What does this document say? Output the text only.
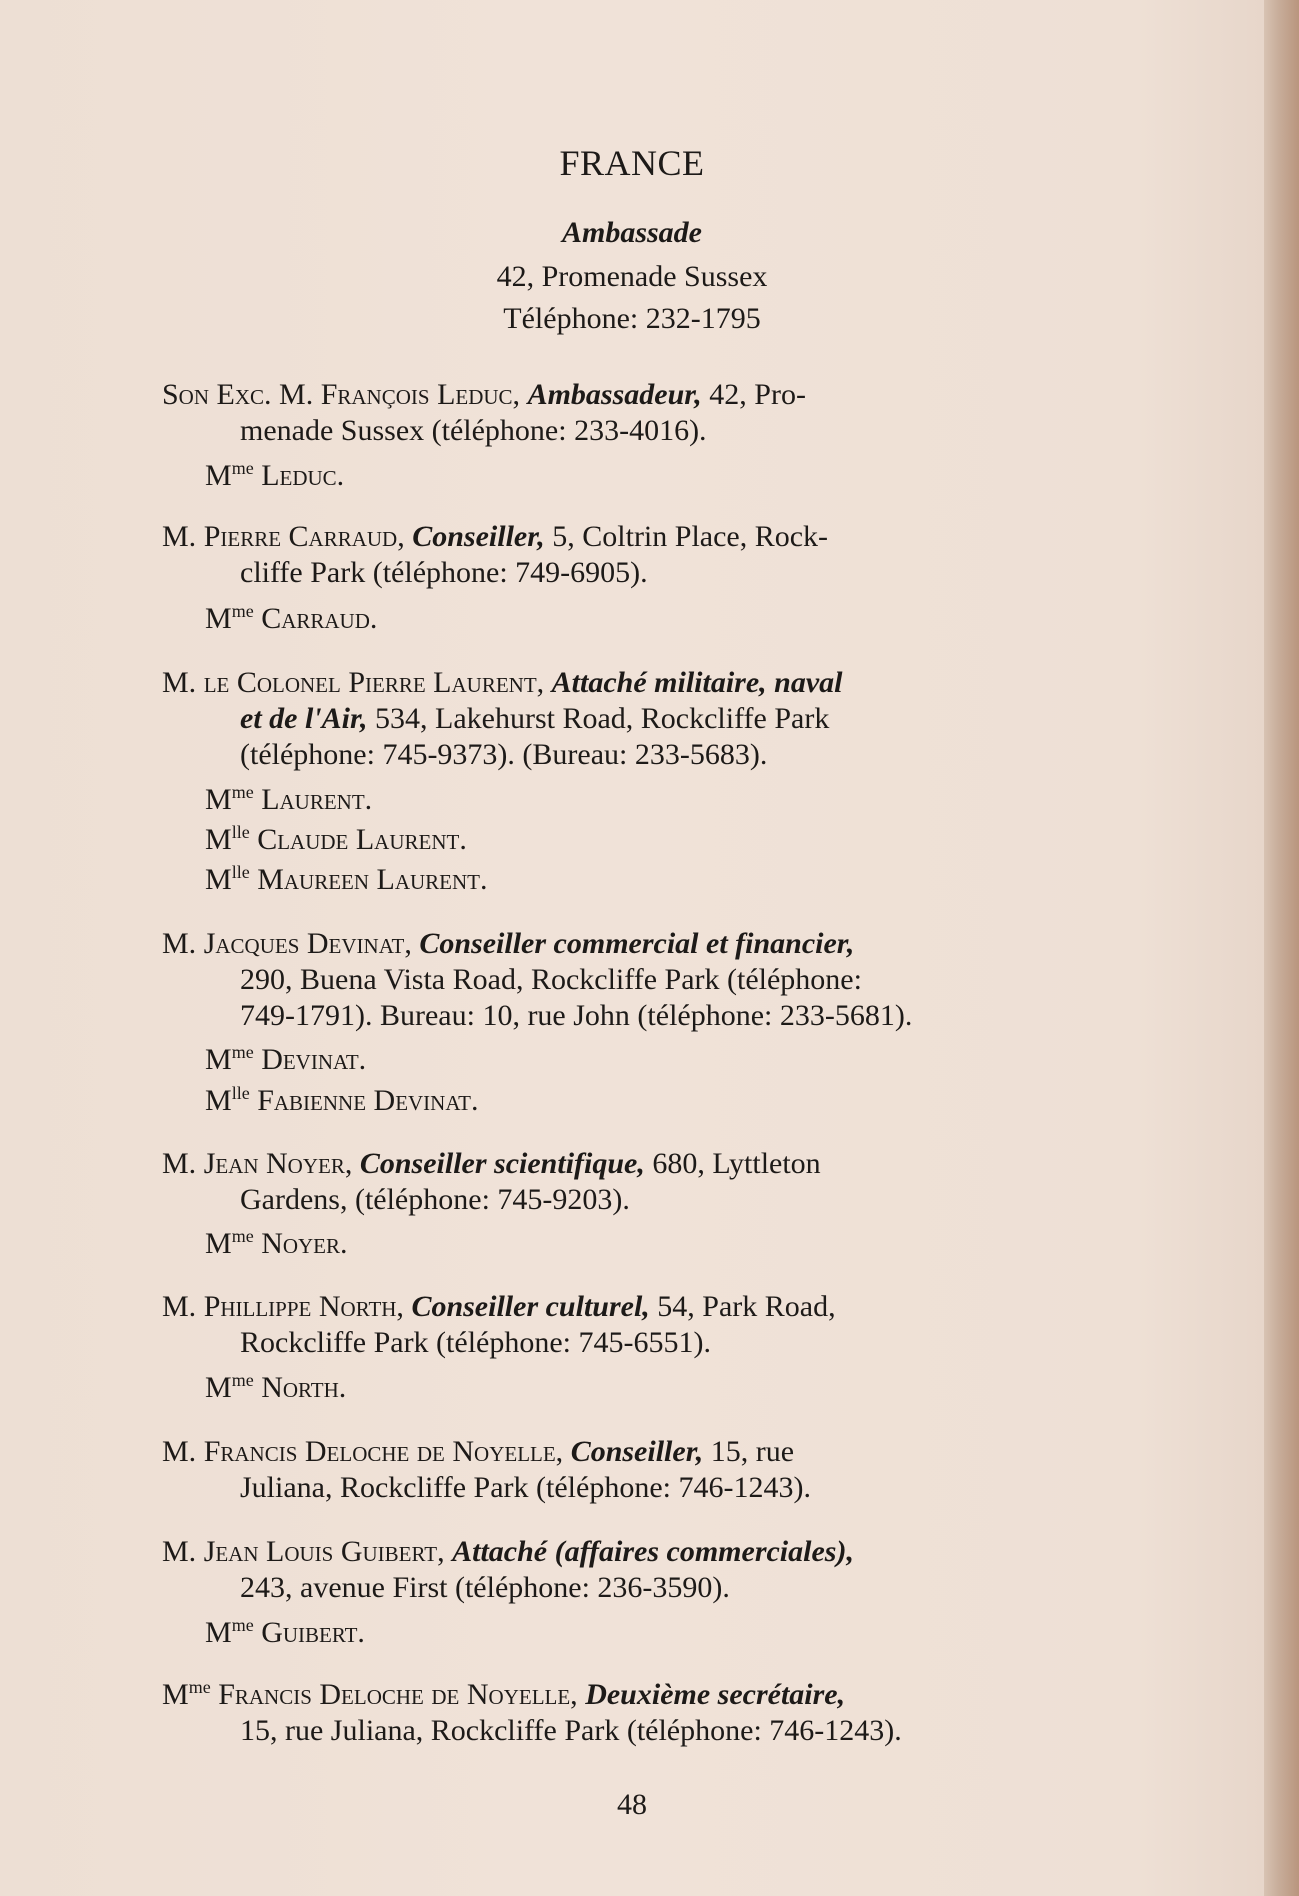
FRANCE
Ambassade
42, Promenade Sussex
Téléphone: 232-1795
Son Exc. M. François Leduc, Ambassadeur, 42, Pro-
menade Sussex (téléphone: 233-4016).
$M^{me}$ Leduc.
M. Pierre Carraud, Conseiller, 5, Coltrin Place, Rock-
cliffe Park (téléphone: 749-6905).
$M^{me}$ Carraud.
M. le Colonel Pierre Laurent, Attaché militaire, naval
et de l'Air, 534, Lakehurst Road, Rockcliffe Park
(téléphone: 745-9373). (Bureau: 233-5683).
$M^{me}$ Laurent.
$M^{lle}$ Claude Laurent.
$M^{lle}$ Maureen Laurent.
M. Jacques Devinat, Conseiller commercial et financier,
290, Buena Vista Road, Rockcliffe Park (téléphone:
749-1791). Bureau: 10, rue John (téléphone: 233-5681).
$M^{me}$ Devinat.
$M^{lle}$ Fabienne Devinat.
M. Jean Noyer, Conseiller scientifique, 680, Lyttleton
Gardens, (téléphone: 745-9203).
$M^{me}$ Noyer.
M. Phillippe North, Conseiller culturel, 54, Park Road,
Rockcliffe Park (téléphone: 745-6551).
$M^{me}$ North.
M. Francis Deloche de Noyelle, Conseiller, 15, rue
Juliana, Rockcliffe Park (téléphone: 746-1243).
M. Jean Louis Guibert, Attaché (affaires commerciales),
243, avenue First (téléphone: 236-3590).
$M^{me}$ Guibert.
$M^{me}$ Francis Deloche de Noyelle, Deuxième secrétaire,
15, rue Juliana, Rockcliffe Park (téléphone: 746-1243).
48
